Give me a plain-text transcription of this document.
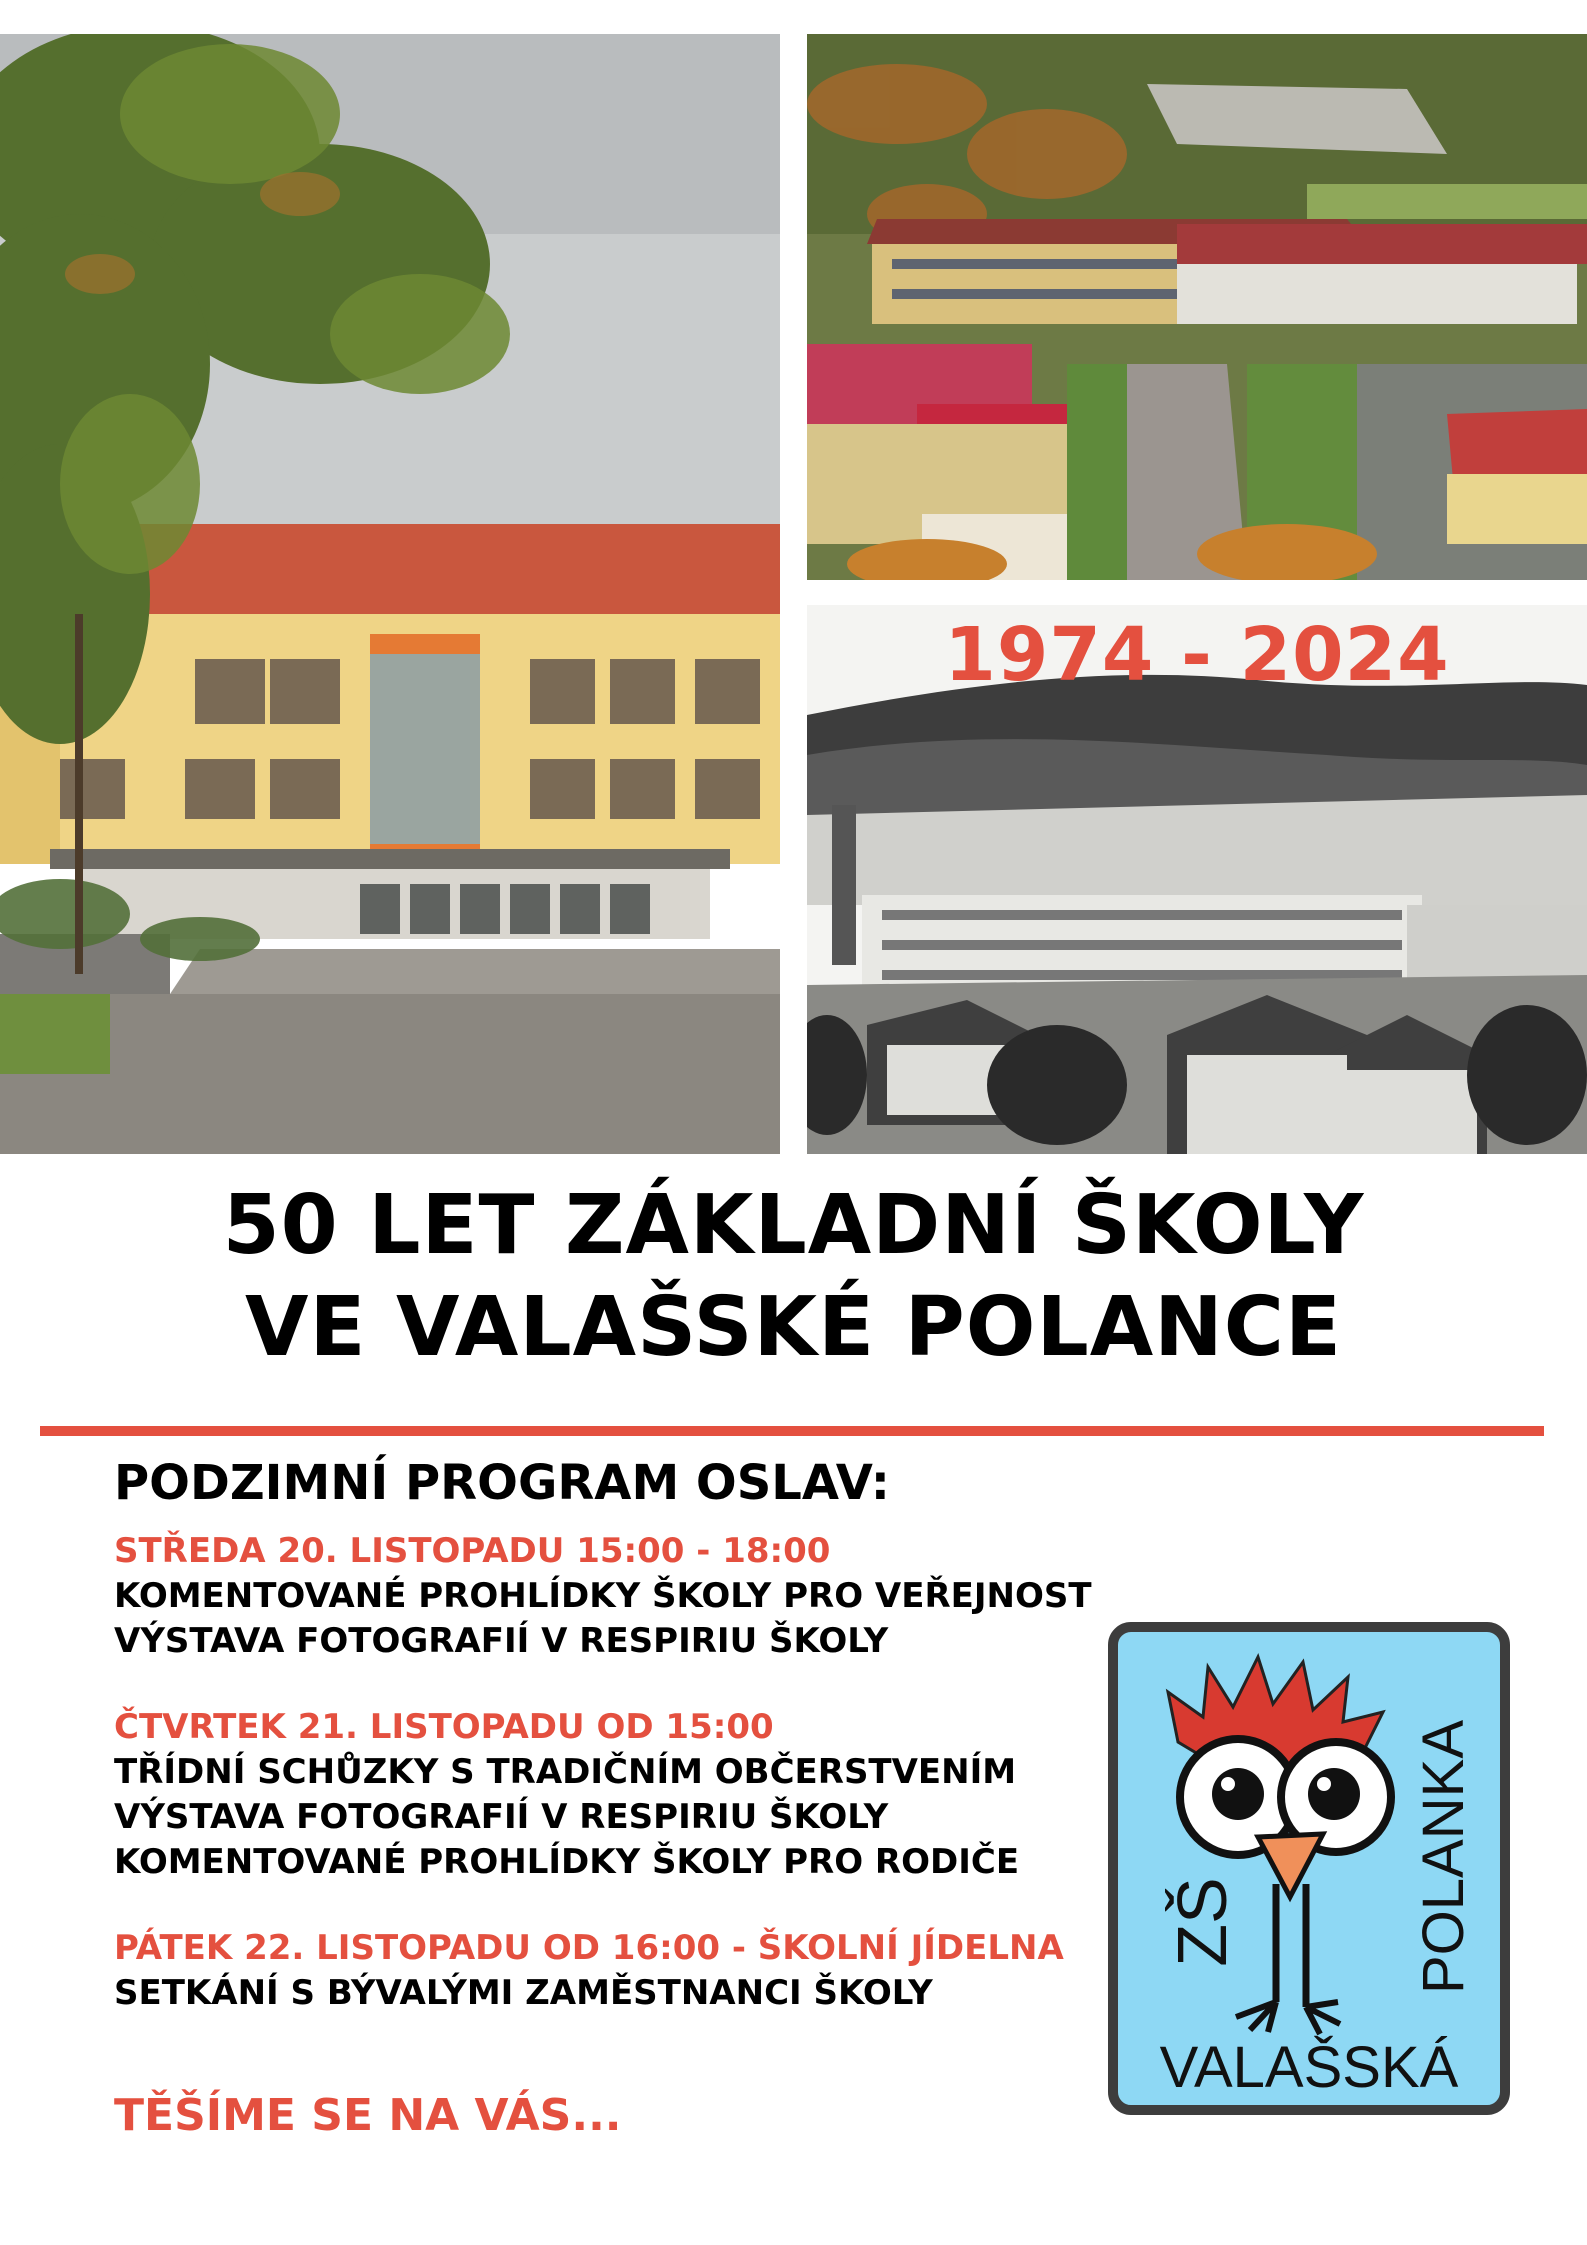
1974 - 2024
50 LET ZÁKLADNÍ ŠKOLY
VE VALAŠSKÉ POLANCE
PODZIMNÍ PROGRAM OSLAV:
STŘEDA 20. LISTOPADU 15:00 - 18:00
KOMENTOVANÉ PROHLÍDKY ŠKOLY PRO VEŘEJNOST
VÝSTAVA FOTOGRAFIÍ V RESPIRIU ŠKOLY
ČTVRTEK 21. LISTOPADU OD 15:00
TŘÍDNÍ SCHŮZKY S TRADIČNÍM OBČERSTVENÍM
VÝSTAVA FOTOGRAFIÍ V RESPIRIU ŠKOLY
KOMENTOVANÉ PROHLÍDKY ŠKOLY PRO RODIČE
PÁTEK 22. LISTOPADU OD 16:00 - ŠKOLNÍ JÍDELNA
SETKÁNÍ S BÝVALÝMI ZAMĚSTNANCI ŠKOLY
TĚŠÍME SE NA VÁS...
ZŠ	POLANKA
VALAŠSKÁ
